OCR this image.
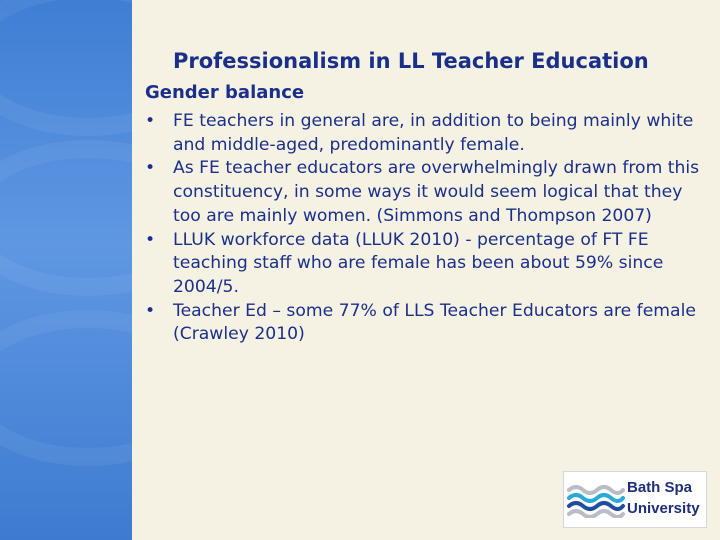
Professionalism in LL Teacher Education
Gender balance
•	FE teachers in general are, in addition to being mainly white and middle-aged, predominantly female.
•	As FE teacher educators are overwhelmingly drawn from this constituency, in some ways it would seem logical that they too are mainly women. (Simmons and Thompson 2007)
•	LLUK workforce data (LLUK 2010) - percentage of FT FE teaching staff who are female has been about 59% since 2004/5.
•	Teacher Ed – some 77% of LLS Teacher Educators are female (Crawley 2010)
Bath Spa
University
